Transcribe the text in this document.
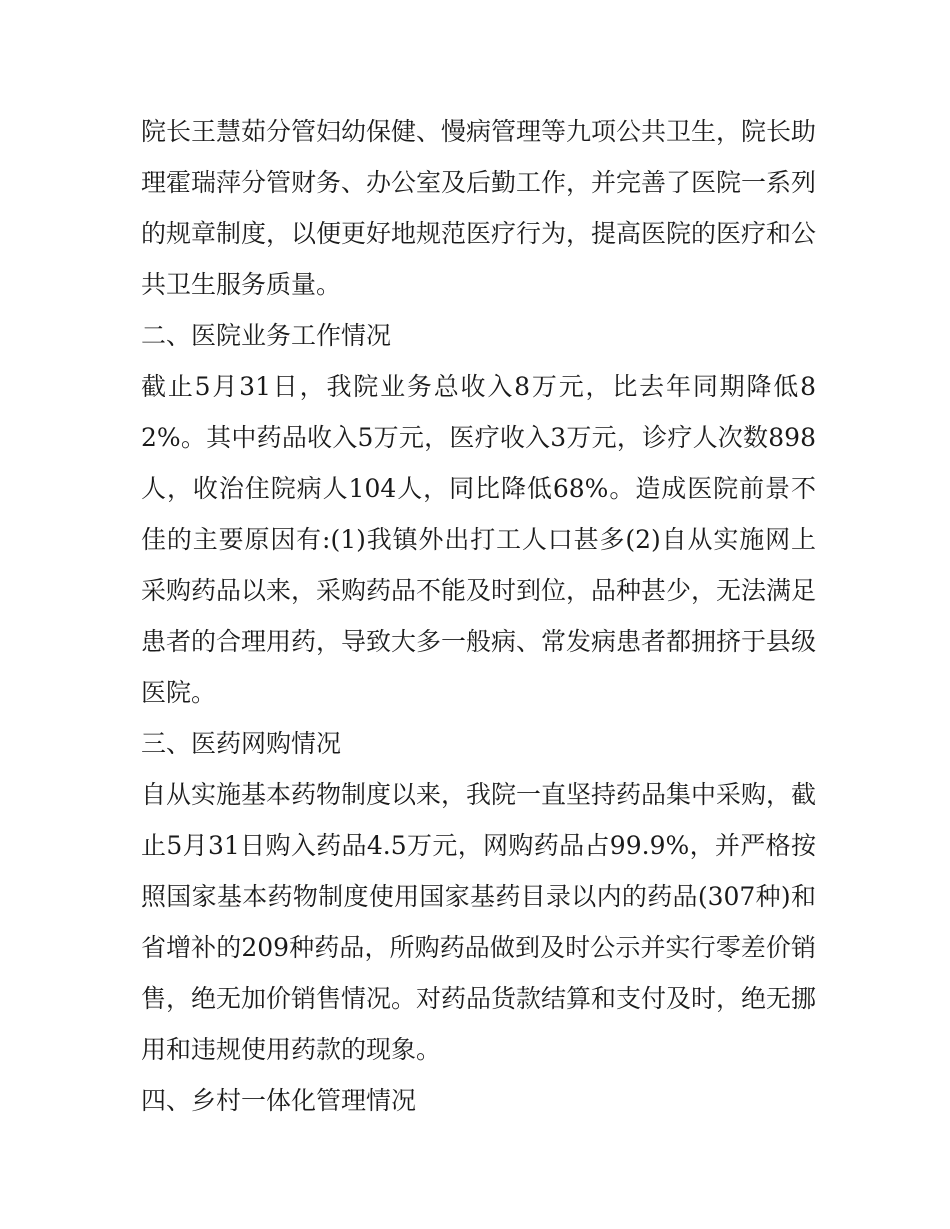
院长王慧茹分管妇幼保健、慢病管理等九项公共卫生，院长助理霍瑞萍分管财务、办公室及后勤工作，并完善了医院一系列的规章制度，以便更好地规范医疗行为，提高医院的医疗和公共卫生服务质量。

二、医院业务工作情况

截止5月31日，我院业务总收入8万元，比去年同期降低82%。其中药品收入5万元，医疗收入3万元，诊疗人次数898人，收治住院病人104人，同比降低68%。造成医院前景不佳的主要原因有:(1)我镇外出打工人口甚多(2)自从实施网上采购药品以来，采购药品不能及时到位，品种甚少，无法满足患者的合理用药，导致大多一般病、常发病患者都拥挤于县级医院。

三、医药网购情况

自从实施基本药物制度以来，我院一直坚持药品集中采购，截止5月31日购入药品4.5万元，网购药品占99.9%，并严格按照国家基本药物制度使用国家基药目录以内的药品(307种)和省增补的209种药品，所购药品做到及时公示并实行零差价销售，绝无加价销售情况。对药品货款结算和支付及时，绝无挪用和违规使用药款的现象。

四、乡村一体化管理情况
